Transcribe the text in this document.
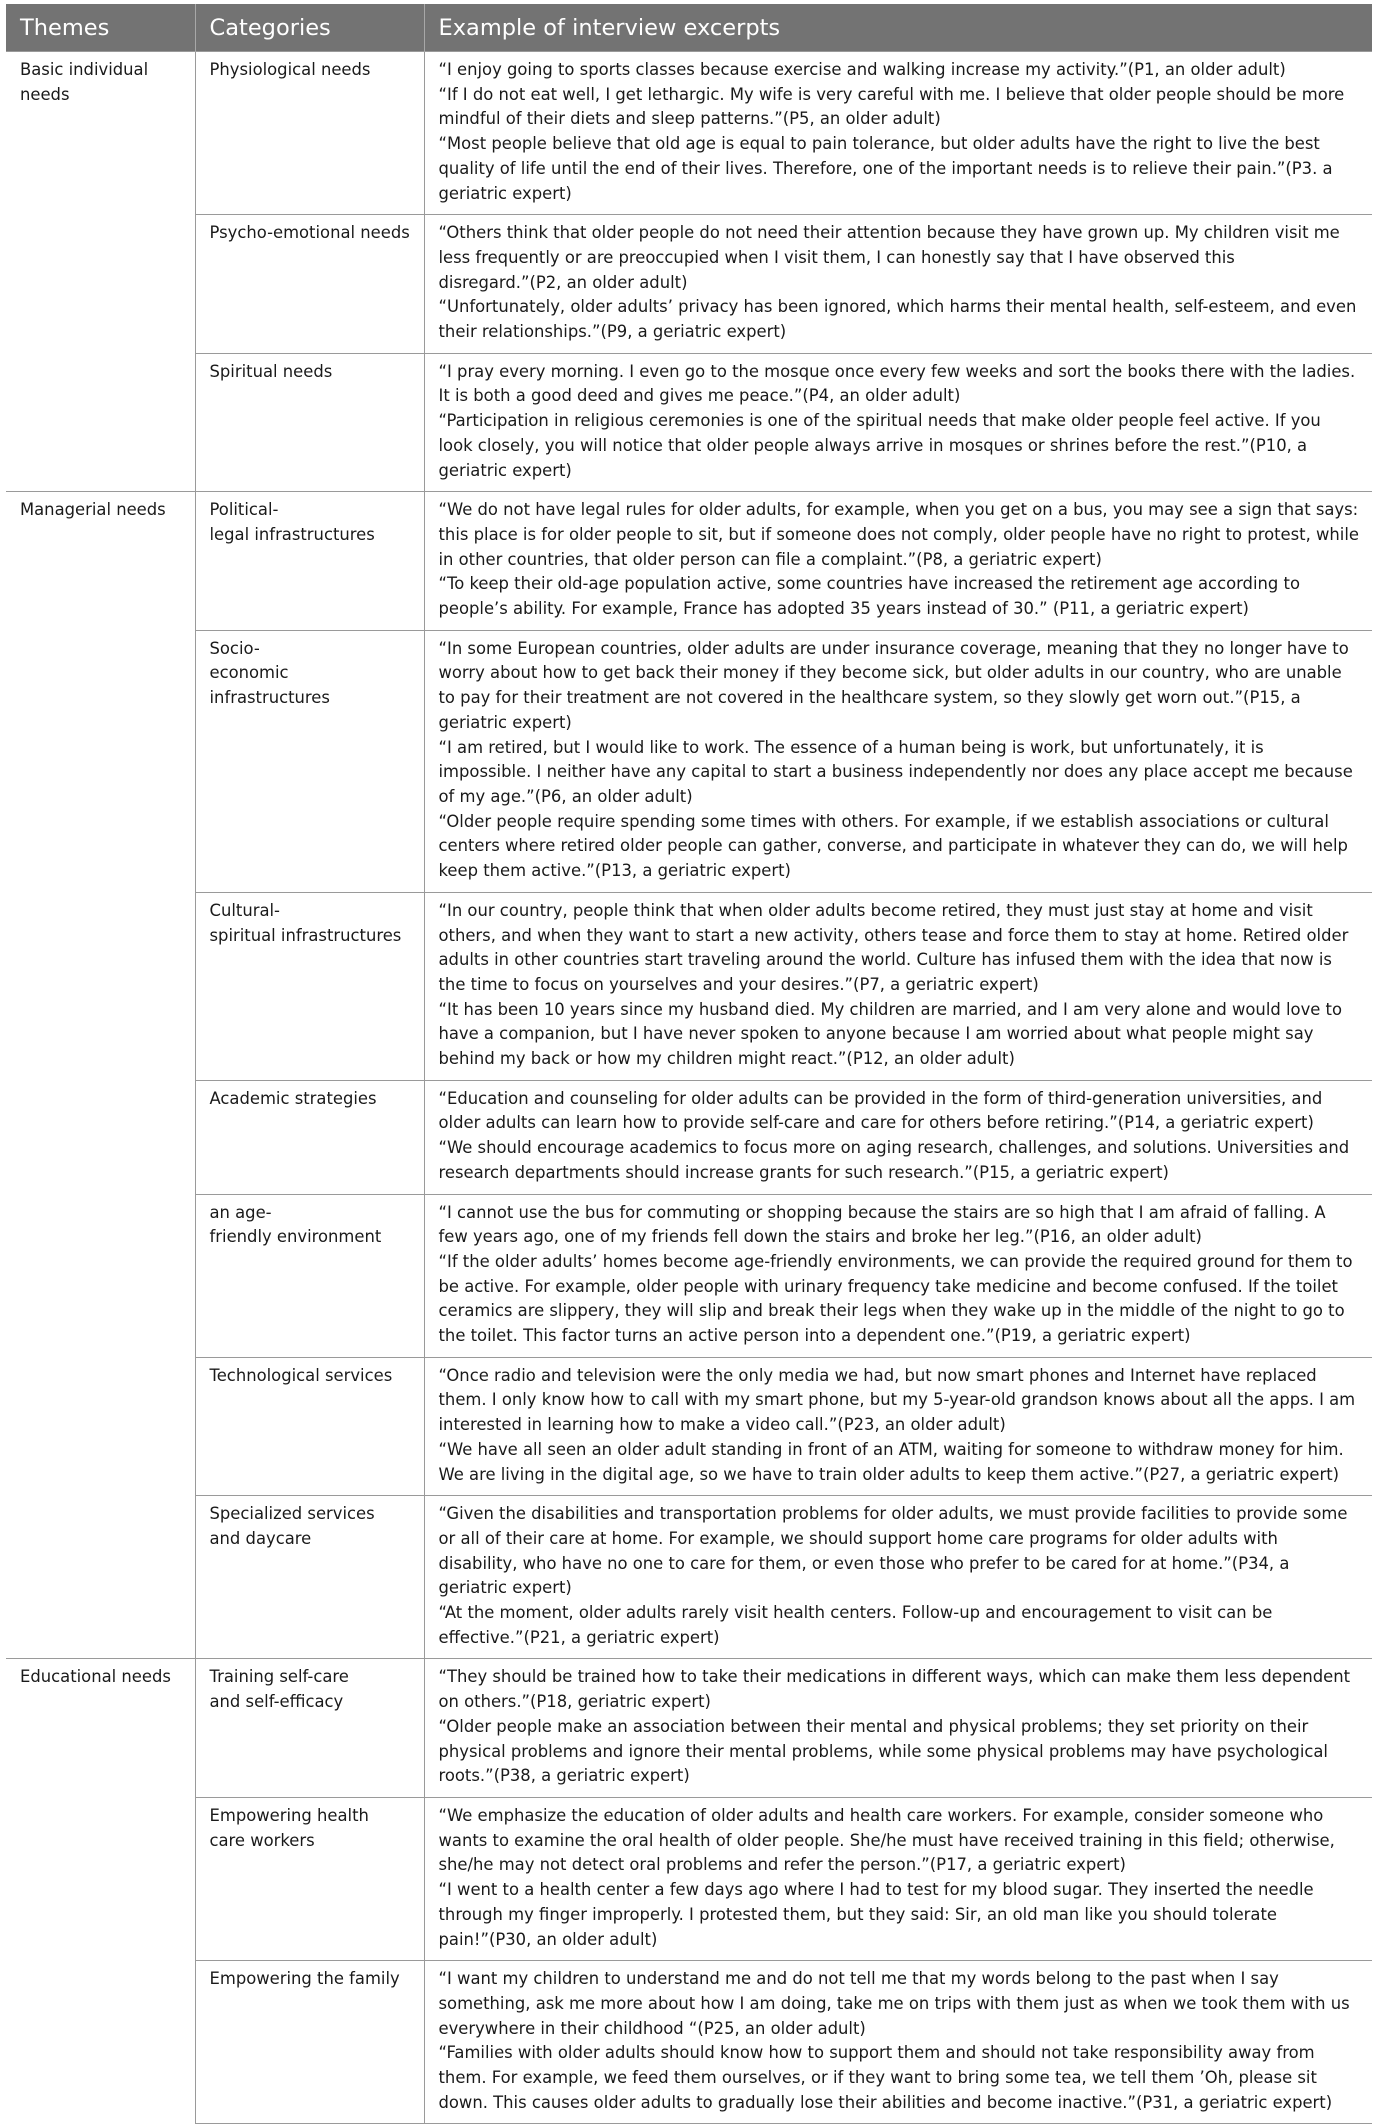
Themes	Categories	Example of interview excerpts
Basic individual needs	Physiological needs	“I enjoy going to sports classes because exercise and walking increase my activity.”(P1, an older adult)
“If I do not eat well, I get lethargic. My wife is very careful with me. I believe that older people should be more mindful of their diets and sleep patterns.”(P5, an older adult)
“Most people believe that old age is equal to pain tolerance, but older adults have the right to live the best quality of life until the end of their lives. Therefore, one of the important needs is to relieve their pain.”(P3. a geriatric expert)

	Psycho-emotional needs	“Others think that older people do not need their attention because they have grown up. My children visit me less frequently or are preoccupied when I visit them, I can honestly say that I have observed this disregard.”(P2, an older adult)
“Unfortunately, older adults’ privacy has been ignored, which harms their mental health, self-esteem, and even their relationships.”(P9, a geriatric expert)

	Spiritual needs	“I pray every morning. I even go to the mosque once every few weeks and sort the books there with the ladies. It is both a good deed and gives me peace.”(P4, an older adult)
“Participation in religious ceremonies is one of the spiritual needs that make older people feel active. If you look closely, you will notice that older people always arrive in mosques or shrines before the rest.”(P10, a geriatric expert)

Managerial needs	Political-
legal infrastructures	“We do not have legal rules for older adults, for example, when you get on a bus, you may see a sign that says: this place is for older people to sit, but if someone does not comply, older people have no right to protest, while in other countries, that older person can file a complaint.”(P8, a geriatric expert)
“To keep their old-age population active, some countries have increased the retirement age according to people’s ability. For example, France has adopted 35 years instead of 30.” (P11, a geriatric expert)

	Socio-
economic infrastructures	“In some European countries, older adults are under insurance coverage, meaning that they no longer have to worry about how to get back their money if they become sick, but older adults in our country, who are unable to pay for their treatment are not covered in the healthcare system, so they slowly get worn out.”(P15, a geriatric expert)
“I am retired, but I would like to work. The essence of a human being is work, but unfortunately, it is impossible. I neither have any capital to start a business independently nor does any place accept me because of my age.”(P6, an older adult)
“Older people require spending some times with others. For example, if we establish associations or cultural centers where retired older people can gather, converse, and participate in whatever they can do, we will help keep them active.”(P13, a geriatric expert)

	Cultural-
spiritual infrastructures	“In our country, people think that when older adults become retired, they must just stay at home and visit others, and when they want to start a new activity, others tease and force them to stay at home. Retired older adults in other countries start traveling around the world. Culture has infused them with the idea that now is the time to focus on yourselves and your desires.”(P7, a geriatric expert)
“It has been 10 years since my husband died. My children are married, and I am very alone and would love to have a companion, but I have never spoken to anyone because I am worried about what people might say behind my back or how my children might react.”(P12, an older adult)

	Academic strategies	“Education and counseling for older adults can be provided in the form of third-generation universities, and older adults can learn how to provide self-care and care for others before retiring.”(P14, a geriatric expert)
“We should encourage academics to focus more on aging research, challenges, and solutions. Universities and research departments should increase grants for such research.”(P15, a geriatric expert)

	an age-
friendly environment	“I cannot use the bus for commuting or shopping because the stairs are so high that I am afraid of falling. A few years ago, one of my friends fell down the stairs and broke her leg.”(P16, an older adult)
“If the older adults’ homes become age-friendly environments, we can provide the required ground for them to be active. For example, older people with urinary frequency take medicine and become confused. If the toilet ceramics are slippery, they will slip and break their legs when they wake up in the middle of the night to go to the toilet. This factor turns an active person into a dependent one.”(P19, a geriatric expert)

	Technological services	“Once radio and television were the only media we had, but now smart phones and Internet have replaced them. I only know how to call with my smart phone, but my 5-year-old grandson knows about all the apps. I am interested in learning how to make a video call.”(P23, an older adult)
“We have all seen an older adult standing in front of an ATM, waiting for someone to withdraw money for him. We are living in the digital age, so we have to train older adults to keep them active.”(P27, a geriatric expert)

	Specialized services
and daycare	“Given the disabilities and transportation problems for older adults, we must provide facilities to provide some or all of their care at home. For example, we should support home care programs for older adults with disability, who have no one to care for them, or even those who prefer to be cared for at home.”(P34, a geriatric expert)
“At the moment, older adults rarely visit health centers. Follow-up and encouragement to visit can be effective.”(P21, a geriatric expert)

Educational needs	Training self-care
and self-efficacy	“They should be trained how to take their medications in different ways, which can make them less dependent on others.”(P18, geriatric expert)
“Older people make an association between their mental and physical problems; they set priority on their physical problems and ignore their mental problems, while some physical problems may have psychological roots.”(P38, a geriatric expert)

	Empowering health
care workers	“We emphasize the education of older adults and health care workers. For example, consider someone who wants to examine the oral health of older people. She/he must have received training in this field; otherwise, she/he may not detect oral problems and refer the person.”(P17, a geriatric expert)
“I went to a health center a few days ago where I had to test for my blood sugar. They inserted the needle through my finger improperly. I protested them, but they said: Sir, an old man like you should tolerate pain!”(P30, an older adult)

	Empowering the family	“I want my children to understand me and do not tell me that my words belong to the past when I say something, ask me more about how I am doing, take me on trips with them just as when we took them with us everywhere in their childhood “(P25, an older adult)
“Families with older adults should know how to support them and should not take responsibility away from them. For example, we feed them ourselves, or if they want to bring some tea, we tell them ’Oh, please sit down. This causes older adults to gradually lose their abilities and become inactive.”(P31, a geriatric expert)
